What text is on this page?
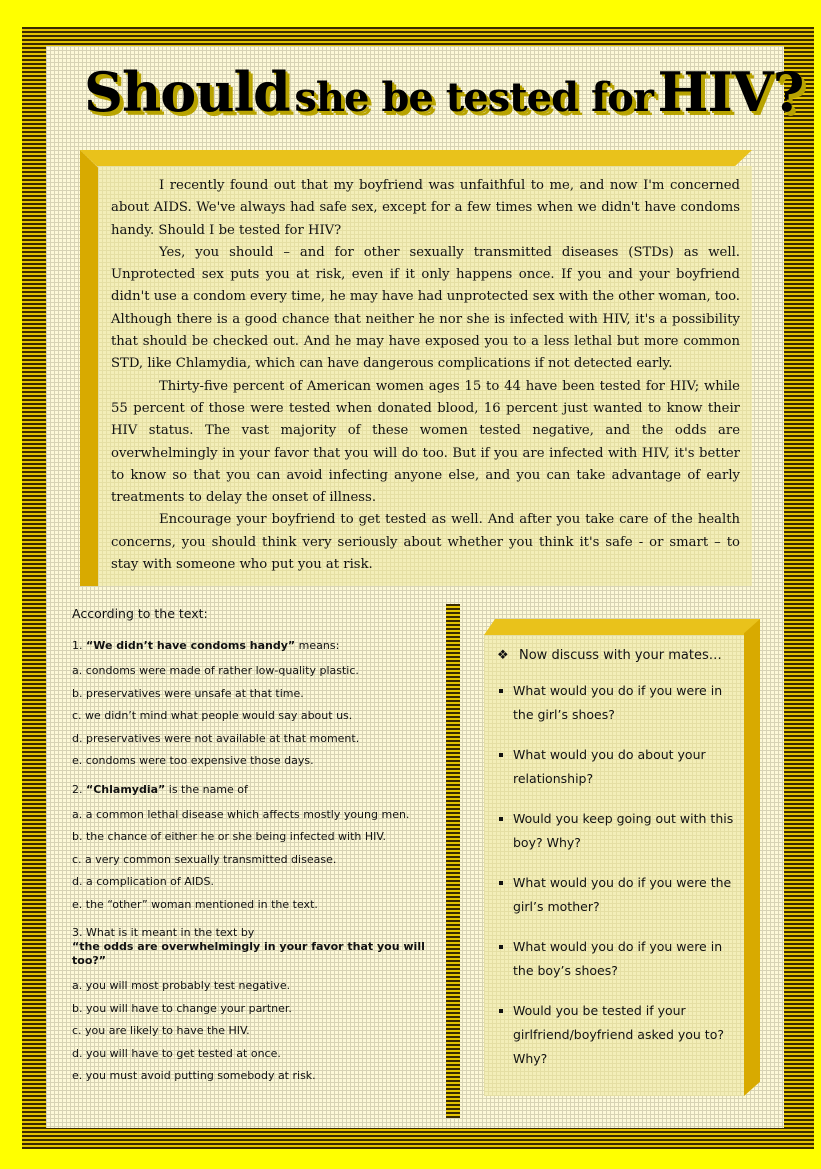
Should she be tested for HIV?

I recently found out that my boyfriend was unfaithful to me, and now I'm concerned about AIDS. We've always had safe sex, except for a few times when we didn't have condoms handy. Should I be tested for HIV?

Yes, you should – and for other sexually transmitted diseases (STDs) as well. Unprotected sex puts you at risk, even if it only happens once. If you and your boyfriend didn't use a condom every time, he may have had unprotected sex with the other woman, too. Although there is a good chance that neither he nor she is infected with HIV, it's a possibility that should be checked out. And he may have exposed you to a less lethal but more common STD, like Chlamydia, which can have dangerous complications if not detected early.

Thirty-five percent of American women ages 15 to 44 have been tested for HIV; while 55 percent of those were tested when donated blood, 16 percent just wanted to know their HIV status. The vast majority of these women tested negative, and the odds are overwhelmingly in your favor that you will do too. But if you are infected with HIV, it's better to know so that you can avoid infecting anyone else, and you can take advantage of early treatments to delay the onset of illness.

Encourage your boyfriend to get tested as well. And after you take care of the health concerns, you should think very seriously about whether you think it's safe - or smart – to stay with someone who put you at risk.

According to the text:
1. “We didn’t have condoms handy” means:
a. condoms were made of rather low-quality plastic.
b. preservatives were unsafe at that time.
c. we didn’t mind what people would say about us.
d. preservatives were not available at that moment.
e. condoms were too expensive those days.
2. “Chlamydia” is the name of
a. a common lethal disease which affects mostly young men.
b. the chance of either he or she being infected with HIV.
c. a very common sexually transmitted disease.
d. a complication of AIDS.
e. the “other” woman mentioned in the text.
3. What is it meant in the text by
“the odds are overwhelmingly in your favor that you will too?”
a. you will most probably test negative.
b. you will have to change your partner.
c. you are likely to have the HIV.
d. you will have to get tested at once.
e. you must avoid putting somebody at risk.
❖ Now discuss with your mates…
What would you do if you were in the girl’s shoes?
What would you do about your relationship?
Would you keep going out with this boy? Why?
What would you do if you were the girl’s mother?
What would you do if you were in the boy’s shoes?
Would you be tested if your girlfriend/boyfriend asked you to? Why?
